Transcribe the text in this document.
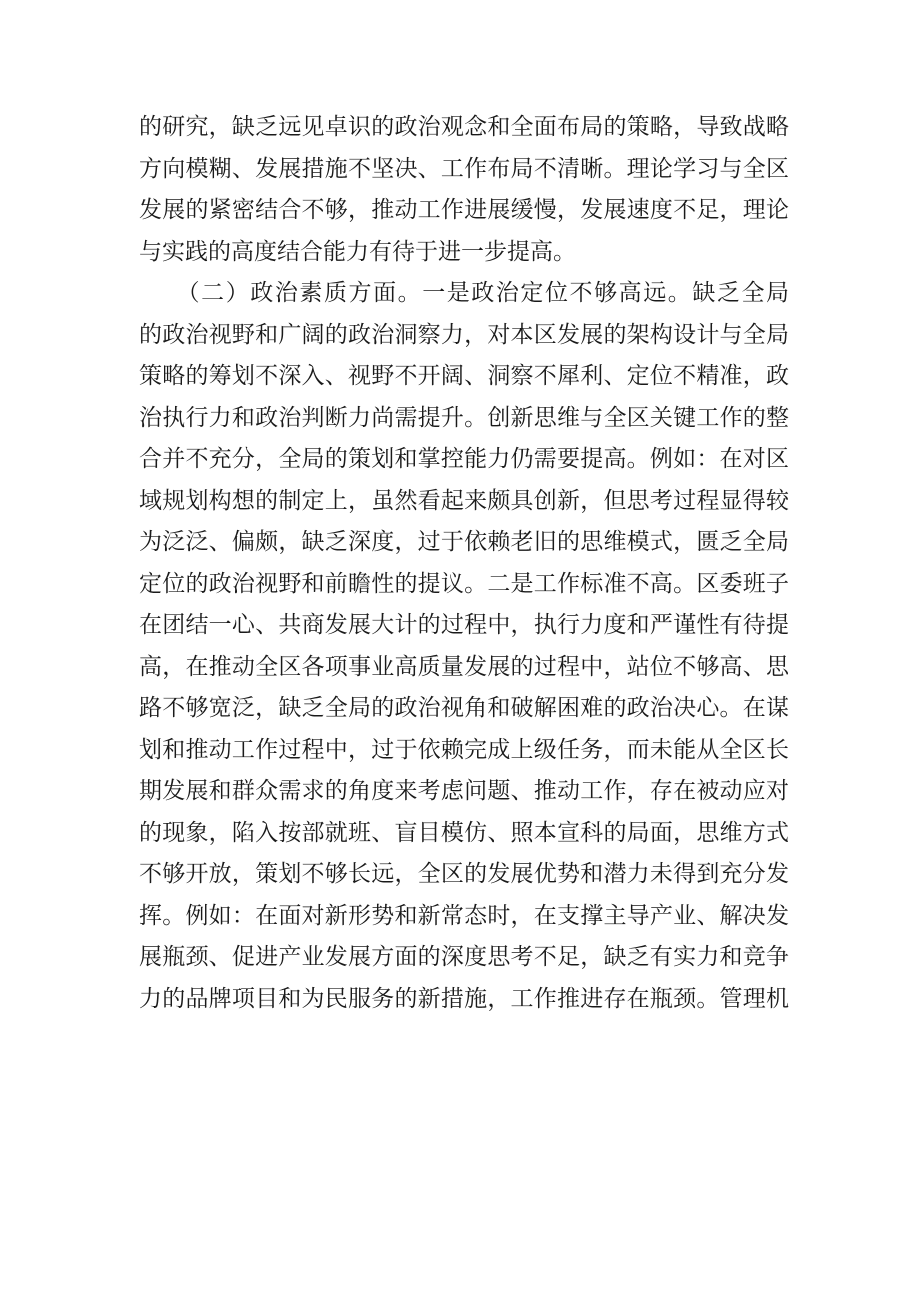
的研究，缺乏远见卓识的政治观念和全面布局的策略，导致战略
方向模糊、发展措施不坚决、工作布局不清晰。理论学习与全区
发展的紧密结合不够，推动工作进展缓慢，发展速度不足，理论
与实践的高度结合能力有待于进一步提高。
　　（二）政治素质方面。一是政治定位不够高远。缺乏全局
的政治视野和广阔的政治洞察力，对本区发展的架构设计与全局
策略的筹划不深入、视野不开阔、洞察不犀利、定位不精准，政
治执行力和政治判断力尚需提升。创新思维与全区关键工作的整
合并不充分，全局的策划和掌控能力仍需要提高。例如：在对区
域规划构想的制定上，虽然看起来颇具创新，但思考过程显得较
为泛泛、偏颇，缺乏深度，过于依赖老旧的思维模式，匮乏全局
定位的政治视野和前瞻性的提议。二是工作标准不高。区委班子
在团结一心、共商发展大计的过程中，执行力度和严谨性有待提
高，在推动全区各项事业高质量发展的过程中，站位不够高、思
路不够宽泛，缺乏全局的政治视角和破解困难的政治决心。在谋
划和推动工作过程中，过于依赖完成上级任务，而未能从全区长
期发展和群众需求的角度来考虑问题、推动工作，存在被动应对
的现象，陷入按部就班、盲目模仿、照本宣科的局面，思维方式
不够开放，策划不够长远，全区的发展优势和潜力未得到充分发
挥。例如：在面对新形势和新常态时，在支撑主导产业、解决发
展瓶颈、促进产业发展方面的深度思考不足，缺乏有实力和竞争
力的品牌项目和为民服务的新措施，工作推进存在瓶颈。管理机
